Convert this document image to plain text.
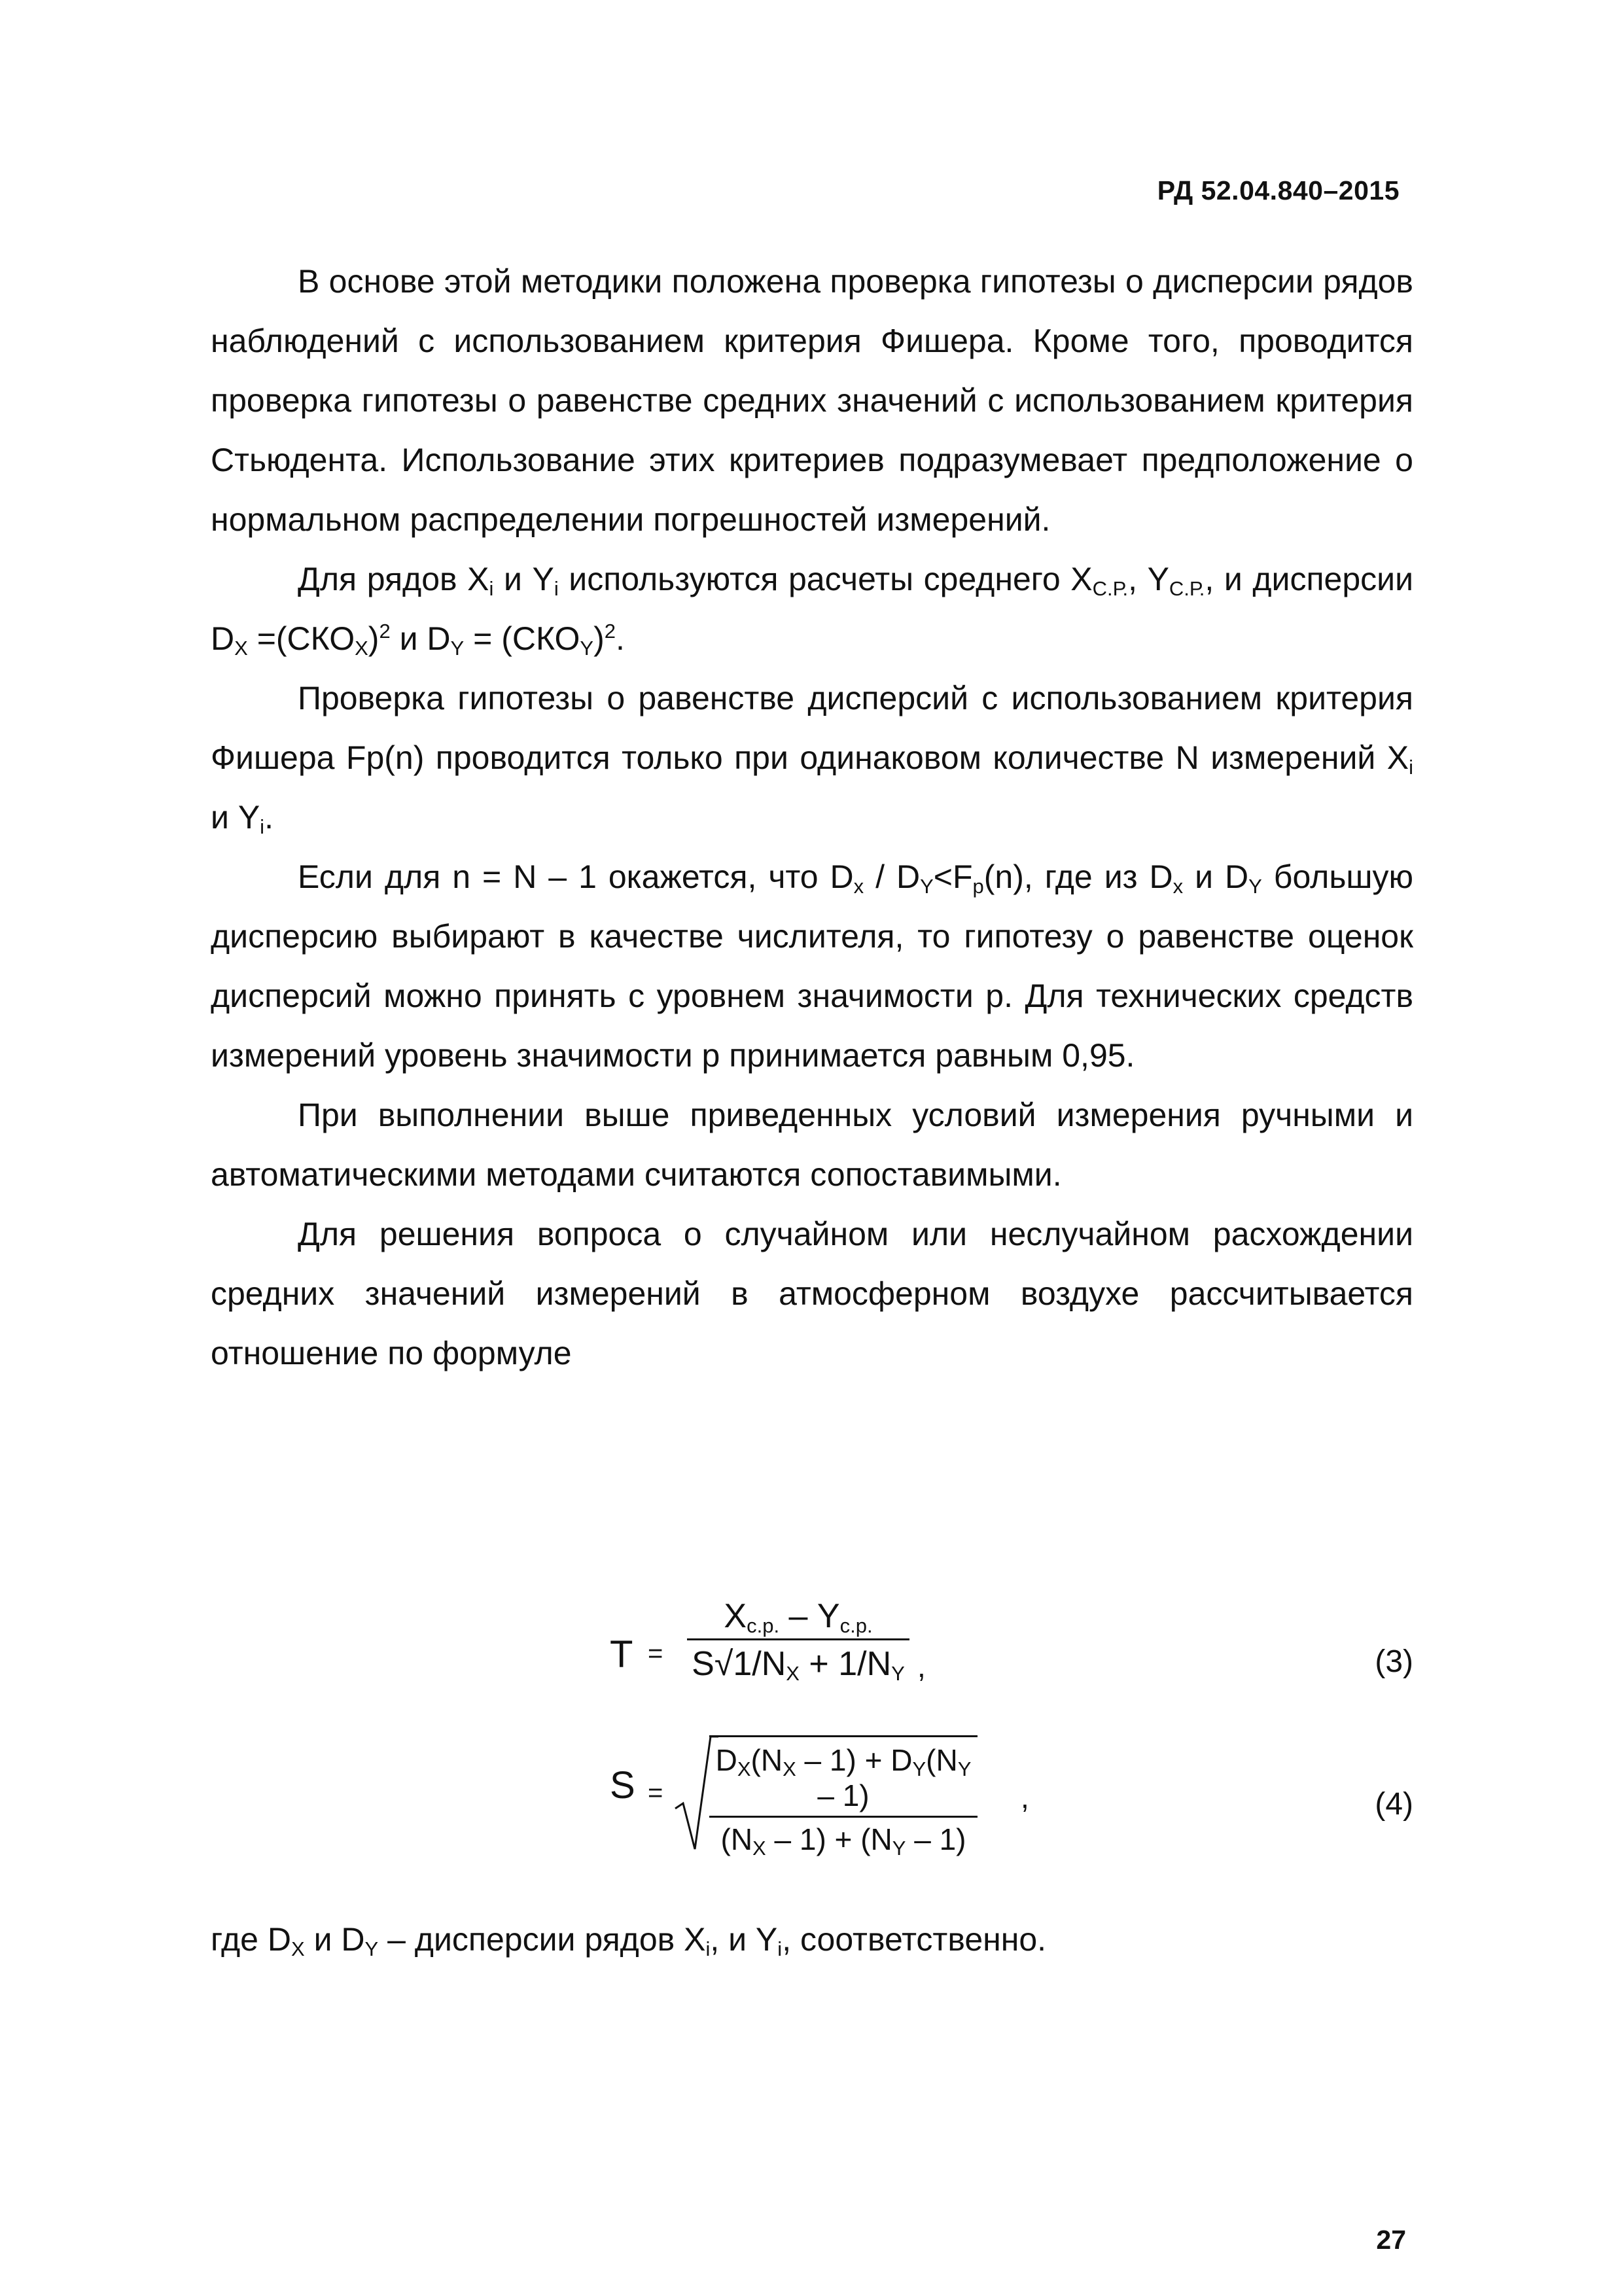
РД 52.04.840–2015

В основе этой методики положена проверка гипотезы о дисперсии рядов наблюдений с использованием критерия Фишера. Кроме того, проводится проверка гипотезы о равенстве средних значений с использованием критерия Стьюдента. Использование этих критериев подразумевает предположение о нормальном распределении погрешностей измерений.

Для рядов $X_i$ и $Y_i$ используются расчеты среднего $X_{С.Р.}$, $Y_{С.Р.}$, и дисперсии $D_X =(СКО_X)^2$ и $D_Y = (СКО_Y)^2$.

Проверка гипотезы о равенстве дисперсий с использованием критерия Фишера Fp(n) проводится только при одинаковом количестве N измерений $X_i$ и $Y_i$.

Если для n = N – 1 окажется, что $D_x / D_Y<F_p(n)$, где из $D_x$ и $D_Y$ большую дисперсию выбирают в качестве числителя, то гипотезу о равенстве оценок дисперсий можно принять с уровнем значимости р. Для технических средств измерений уровень значимости р принимается равным 0,95.

При выполнении выше приведенных условий измерения ручными и автоматическими методами считаются сопоставимыми.

Для решения вопроса о случайном или неслучайном расхождении средних значений измерений в атмосферном воздухе рассчитывается отношение по формуле

T =
$X_{с.р.} - Y_{с.р.}$
$S√1/N_X + 1/N_Y$ ,	(3)
$S = \frac{D_X(N_X - 1) + D_Y(N_Y - 1)}{(N_X - 1) + (N_Y - 1)}$ ,	(4)
где $D_X$ и $D_Y$ – дисперсии рядов $X_i$, и $Y_i$, соответственно.
27
